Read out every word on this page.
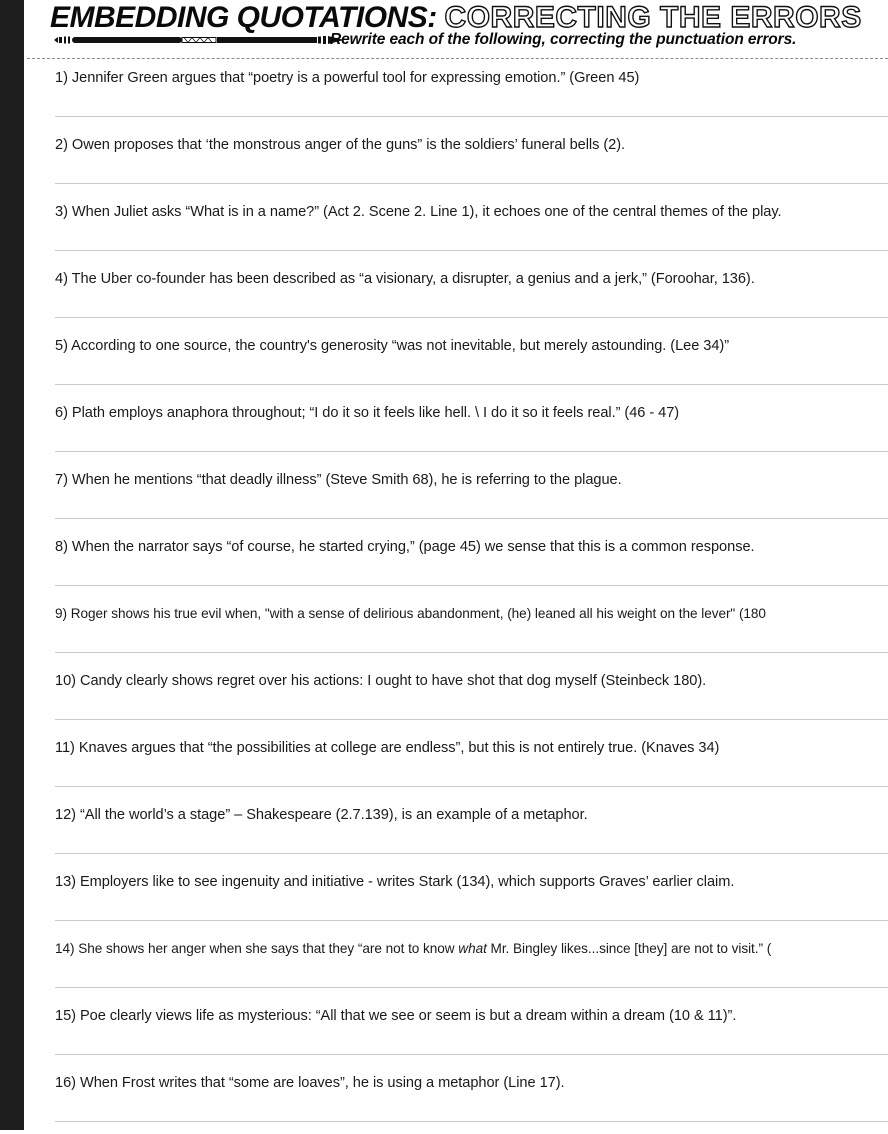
EMBEDDING QUOTATIONS: CORRECTING THE ERRORS
Rewrite each of the following, correcting the punctuation errors.
1) Jennifer Green argues that “poetry is a powerful tool for expressing emotion.” (Green 45)
2) Owen proposes that ‘the monstrous anger of the guns” is the soldiers’ funeral bells (2).
3) When Juliet asks “What is in a name?” (Act 2. Scene 2. Line 1), it echoes one of the central themes of the play.
4) The Uber co-founder has been described as “a visionary, a disrupter, a genius and a jerk,” (Foroohar, 136).
5) According to one source, the country's generosity “was not inevitable, but merely astounding. (Lee 34)”
6) Plath employs anaphora throughout; “I do it so it feels like hell. \ I do it so it feels real.” (46 - 47)
7) When he mentions “that deadly illness” (Steve Smith 68), he is referring to the plague.
8) When the narrator says “of course, he started crying,” (page 45) we sense that this is a common response.
9) Roger shows his true evil when, "with a sense of delirious abandonment, (he) leaned all his weight on the lever" (180
10) Candy clearly shows regret over his actions: I ought to have shot that dog myself (Steinbeck 180).
11) Knaves argues that “the possibilities at college are endless”, but this is not entirely true. (Knaves 34)
12) “All the world’s a stage” – Shakespeare (2.7.139), is an example of a metaphor.
13) Employers like to see ingenuity and initiative - writes Stark (134), which supports Graves’ earlier claim.
14) She shows her anger when she says that they “are not to know what Mr. Bingley likes...since [they] are not to visit.” (
15) Poe clearly views life as mysterious: “All that we see or seem is but a dream within a dream (10 & 11)”.
16) When Frost writes that “some are loaves”, he is using a metaphor (Line 17).
